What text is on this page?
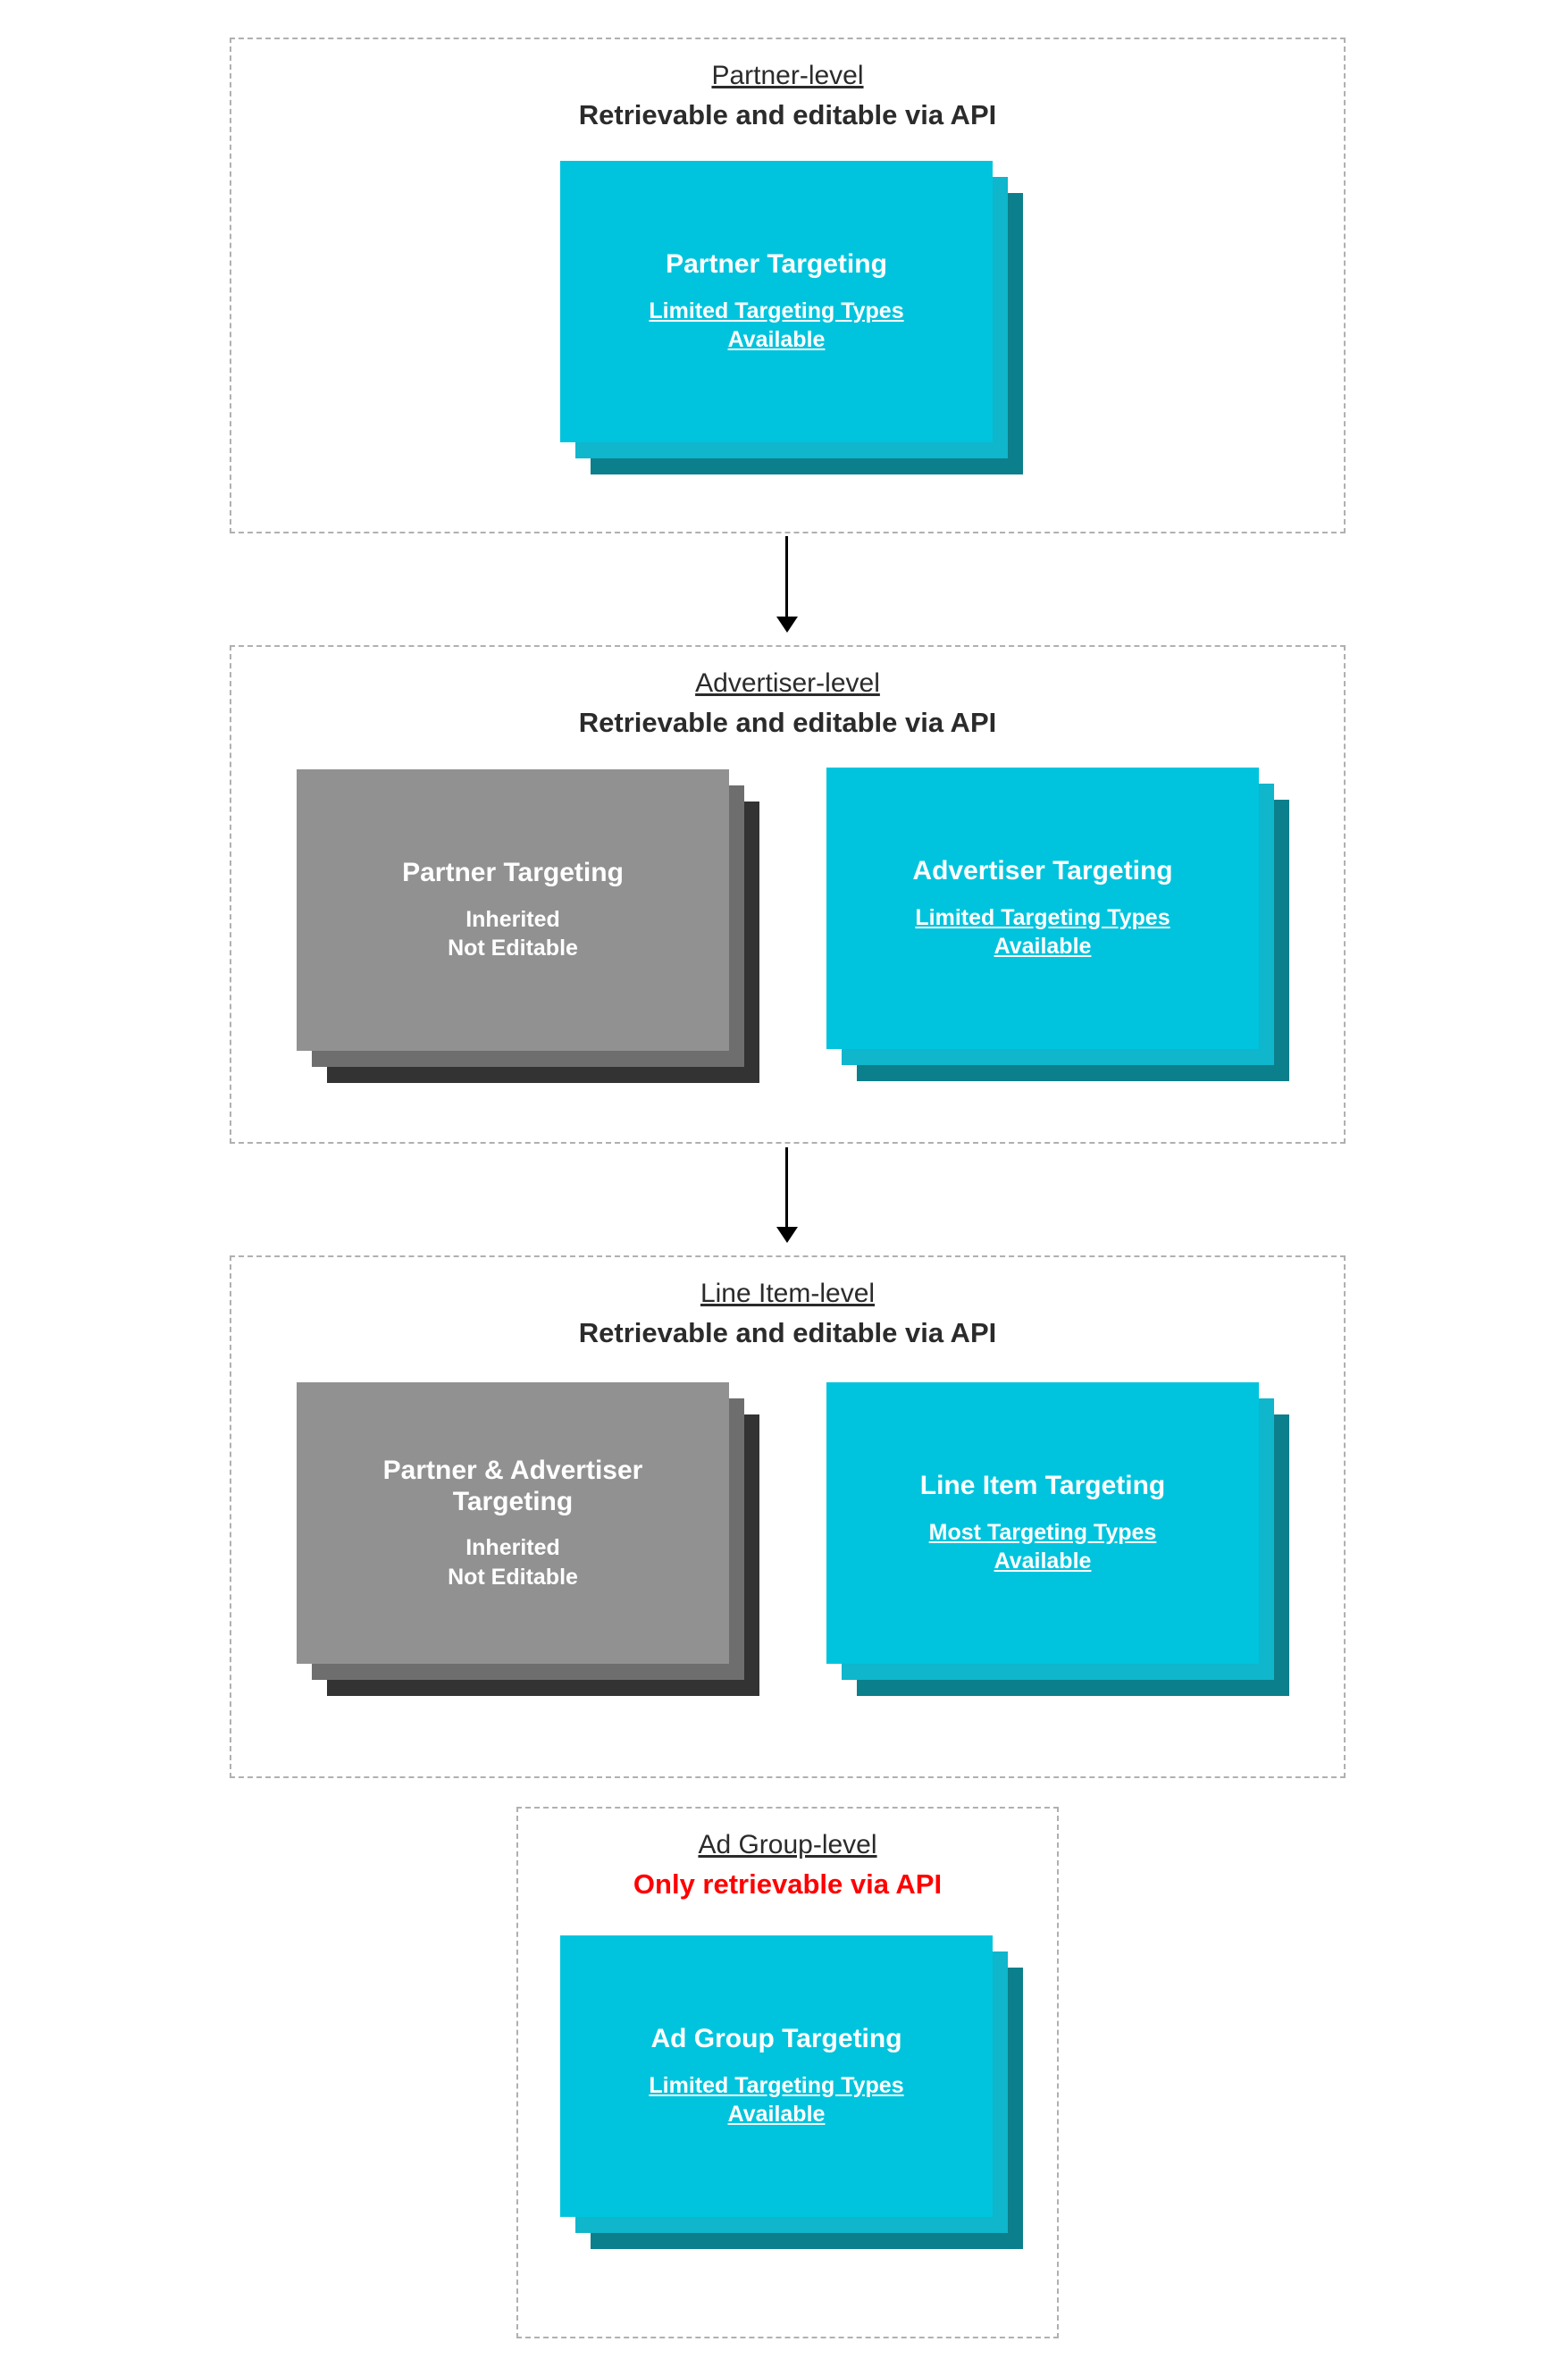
Partner-level
Retrievable and editable via API
Partner Targeting
Limited Targeting Types
Available
Advertiser-level
Retrievable and editable via API
Partner Targeting
Inherited
Not Editable
Advertiser Targeting
Limited Targeting Types
Available
Line Item-level
Retrievable and editable via API
Partner & Advertiser
Targeting
Inherited
Not Editable
Line Item Targeting
Most Targeting Types
Available
Ad Group-level
Only retrievable via API
Ad Group Targeting
Limited Targeting Types
Available
